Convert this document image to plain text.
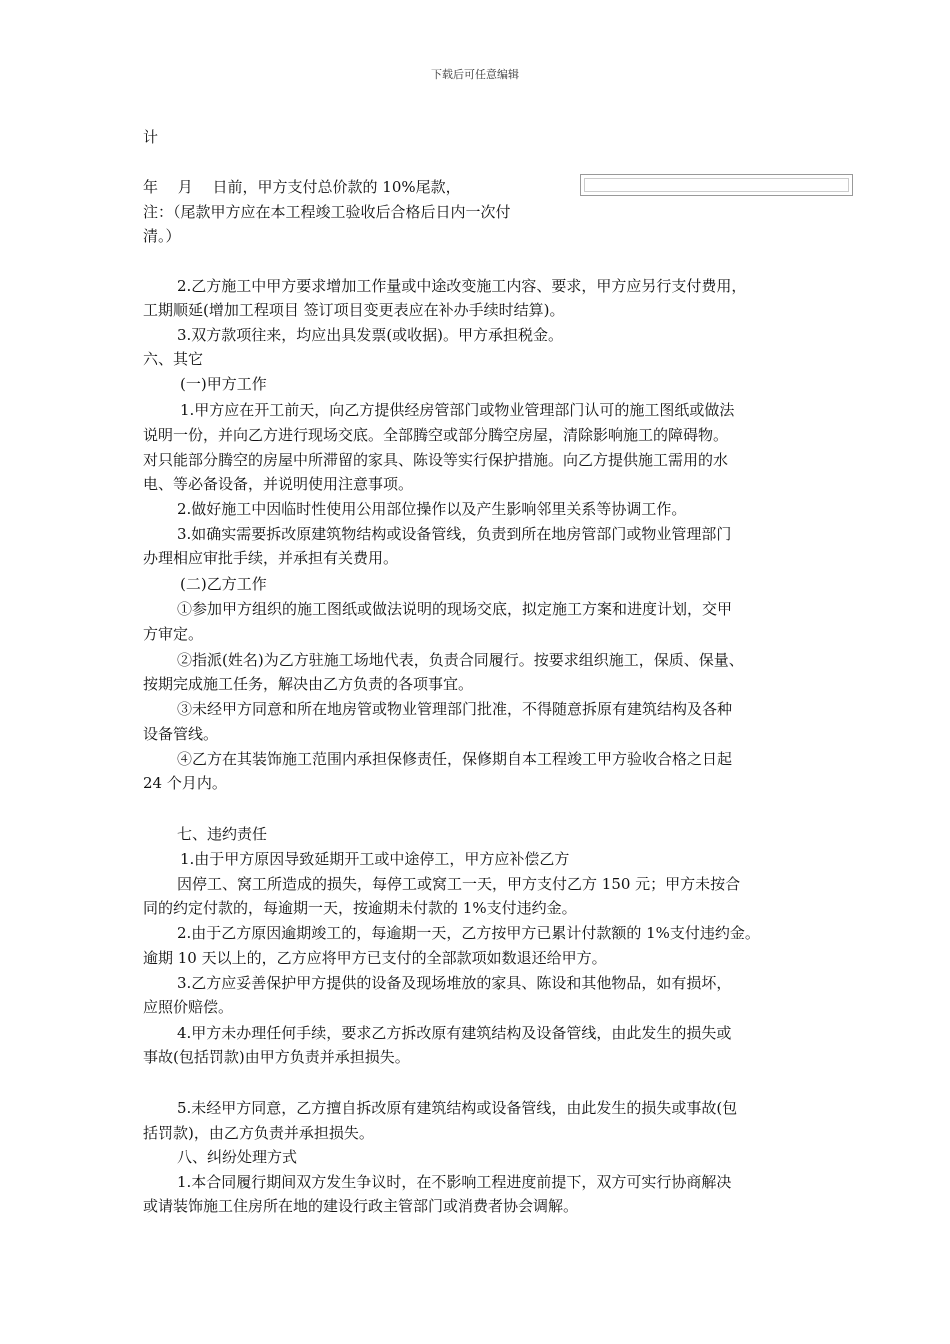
下载后可任意编辑
计
年　 月 　日前，甲方支付总价款的 10%尾款，
注：（尾款甲方应在本工程竣工验收后合格后日内一次付
清。）
2.乙方施工中甲方要求增加工作量或中途改变施工内容、要求，甲方应另行支付费用，
工期顺延(增加工程项目 签订项目变更表应在补办手续时结算)。
3.双方款项往来，均应出具发票(或收据)。甲方承担税金。
六、其它
(一)甲方工作
1.甲方应在开工前天，向乙方提供经房管部门或物业管理部门认可的施工图纸或做法
说明一份，并向乙方进行现场交底。全部腾空或部分腾空房屋，清除影响施工的障碍物。
对只能部分腾空的房屋中所滞留的家具、陈设等实行保护措施。向乙方提供施工需用的水
电、等必备设备，并说明使用注意事项。
2.做好施工中因临时性使用公用部位操作以及产生影响邻里关系等协调工作。
3.如确实需要拆改原建筑物结构或设备管线，负责到所在地房管部门或物业管理部门
办理相应审批手续，并承担有关费用。
(二)乙方工作
①参加甲方组织的施工图纸或做法说明的现场交底，拟定施工方案和进度计划，交甲
方审定。
②指派(姓名)为乙方驻施工场地代表，负责合同履行。按要求组织施工，保质、保量、
按期完成施工任务，解决由乙方负责的各项事宜。
③未经甲方同意和所在地房管或物业管理部门批准，不得随意拆原有建筑结构及各种
设备管线。
④乙方在其装饰施工范围内承担保修责任，保修期自本工程竣工甲方验收合格之日起
24 个月内。
七、违约责任
1.由于甲方原因导致延期开工或中途停工，甲方应补偿乙方
因停工、窝工所造成的损失，每停工或窝工一天，甲方支付乙方 150 元；甲方未按合
同的约定付款的，每逾期一天，按逾期未付款的 1%支付违约金。
2.由于乙方原因逾期竣工的，每逾期一天，乙方按甲方已累计付款额的 1%支付违约金。
逾期 10 天以上的，乙方应将甲方已支付的全部款项如数退还给甲方。
3.乙方应妥善保护甲方提供的设备及现场堆放的家具、陈设和其他物品，如有损坏，
应照价赔偿。
4.甲方未办理任何手续，要求乙方拆改原有建筑结构及设备管线，由此发生的损失或
事故(包括罚款)由甲方负责并承担损失。
5.未经甲方同意，乙方擅自拆改原有建筑结构或设备管线，由此发生的损失或事故(包
括罚款)，由乙方负责并承担损失。
八、纠纷处理方式
1.本合同履行期间双方发生争议时，在不影响工程进度前提下，双方可实行协商解决
或请装饰施工住房所在地的建设行政主管部门或消费者协会调解。
